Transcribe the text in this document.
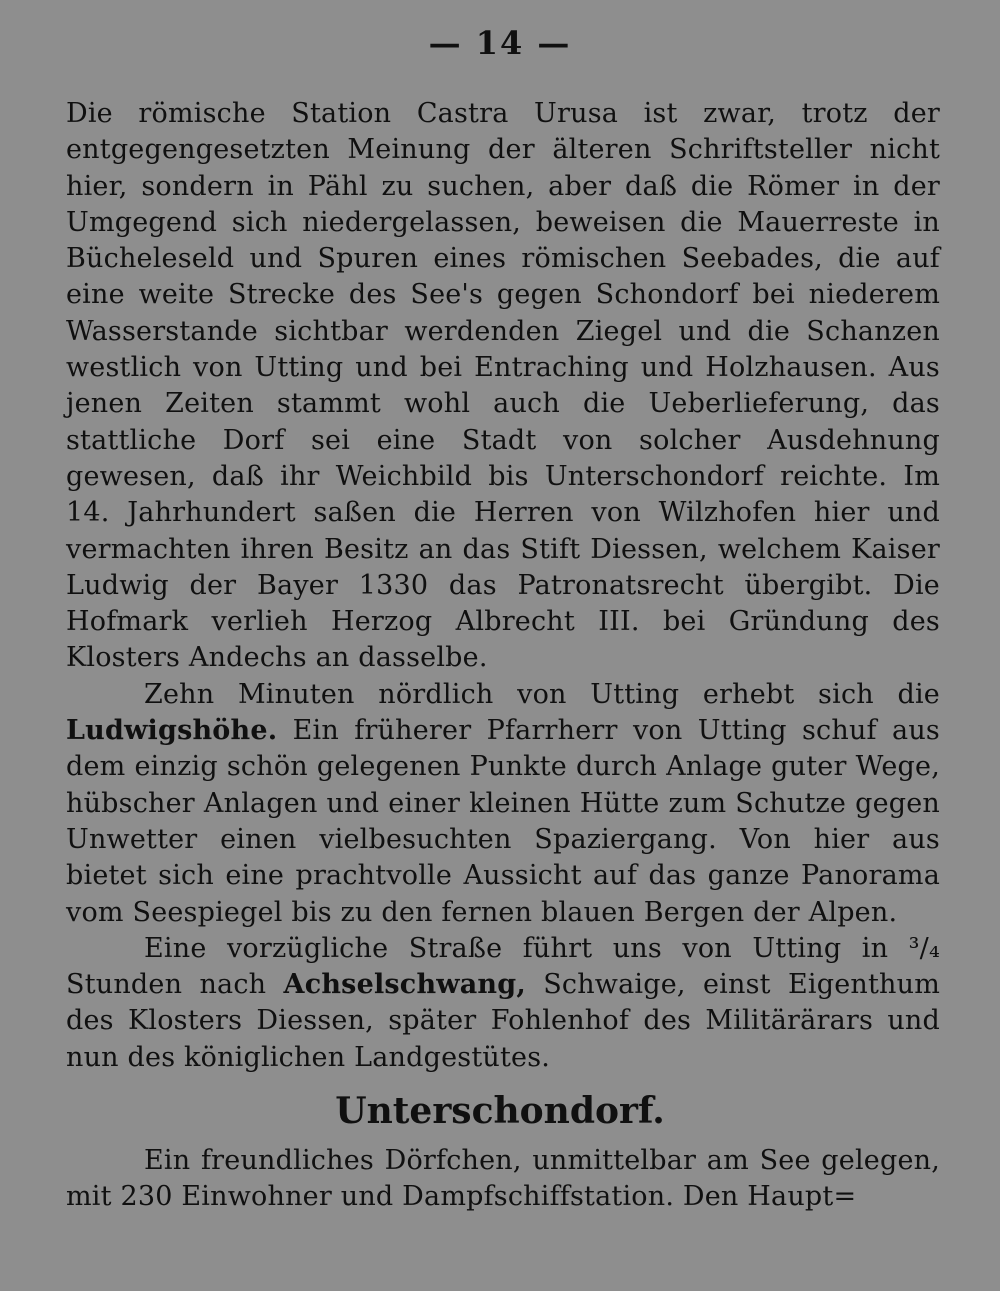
— 14 —

Die römische Station Castra Urusa ist zwar, trotz der entgegengesetzten Meinung der älteren Schriftsteller nicht hier, sondern in Pähl zu suchen, aber daß die Römer in der Umgegend sich niedergelassen, beweisen die Mauerreste in Bücheleseld und Spuren eines römischen Seebades, die auf eine weite Strecke des See's gegen Schondorf bei niederem Wasserstande sichtbar werdenden Ziegel und die Schanzen westlich von Utting und bei Entraching und Holzhausen. Aus jenen Zeiten stammt wohl auch die Ueberlieferung, das stattliche Dorf sei eine Stadt von solcher Ausdehnung gewesen, daß ihr Weichbild bis Unterschondorf reichte. Im 14. Jahrhundert saßen die Herren von Wilzhofen hier und vermachten ihren Besitz an das Stift Diessen, welchem Kaiser Ludwig der Bayer 1330 das Patronatsrecht übergibt. Die Hofmark verlieh Herzog Albrecht III. bei Gründung des Klosters Andechs an dasselbe.

Zehn Minuten nördlich von Utting erhebt sich die Ludwigshöhe. Ein früherer Pfarrherr von Utting schuf aus dem einzig schön gelegenen Punkte durch Anlage guter Wege, hübscher Anlagen und einer kleinen Hütte zum Schutze gegen Unwetter einen vielbesuchten Spaziergang. Von hier aus bietet sich eine prachtvolle Aussicht auf das ganze Panorama vom Seespiegel bis zu den fernen blauen Bergen der Alpen.

Eine vorzügliche Straße führt uns von Utting in ³/₄ Stunden nach Achselschwang, Schwaige, einst Eigenthum des Klosters Diessen, später Fohlenhof des Militärärars und nun des königlichen Landgestütes.

Unterschondorf.

Ein freundliches Dörfchen, unmittelbar am See gelegen, mit 230 Einwohner und Dampfschiffstation. Den Haupt=
